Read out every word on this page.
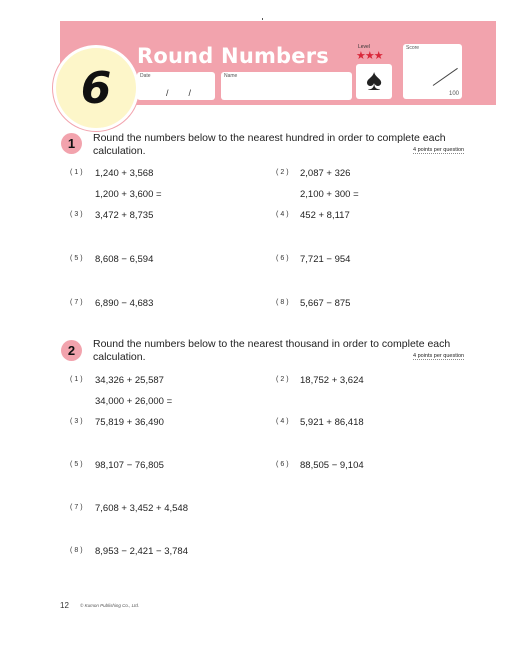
6
Round Numbers
Date
/        /
Name
Level
★★★
♠
Score
100
1	Round the numbers below to the nearest hundred in order to complete each calculation.	4 points per question
(1) 1,240 + 3,568
1,200 + 3,600 =
(2) 2,087 + 326
2,100 + 300 =
(3) 3,472 + 8,735	(4) 452 + 8,117
(5) 8,608 − 6,594	(6) 7,721 − 954
(7) 6,890 − 4,683	(8) 5,667 − 875
2	Round the numbers below to the nearest thousand in order to complete each calculation.	4 points per question
(1) 34,326 + 25,587
34,000 + 26,000 =
(2) 18,752 + 3,624
(3) 75,819 + 36,490	(4) 5,921 + 86,418
(5) 98,107 − 76,805	(6) 88,505 − 9,104
(7) 7,608 + 3,452 + 4,548
(8) 8,953 − 2,421 − 3,784
12 © Kumon Publishing Co., Ltd.
